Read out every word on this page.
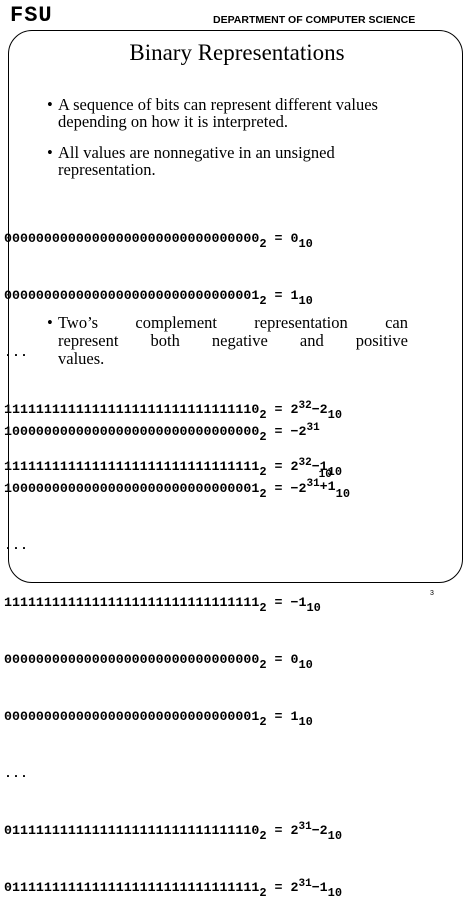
FSU	DEPARTMENT OF COMPUTER SCIENCE
Binary Representations
• A sequence of bits can represent different values depending on how it is interpreted.
• All values are nonnegative in an unsigned representation.

$00000000000000000000000000000000_2 = 010$

$00000000000000000000000000000001_2 = 110$

...

$11111111111111111111111111111110_2 = 2^{32}-210$

$11111111111111111111111111111111_2 = 2^{32}-110$

• Two’s complement representation can
represent both negative and positive
values.

$10000000000000000000000000000000_2 = -2^{31}$

$10000000000000000000000000000001_2 = -2^{31}$
10
+110

...

$11111111111111111111111111111111_2 = -110$

$00000000000000000000000000000000_2 = 010$

$00000000000000000000000000000001_2 = 110$

...

$01111111111111111111111111111110_2 = 2^{31}-210$

$01111111111111111111111111111111_2 = 2^{31}-110$

3
